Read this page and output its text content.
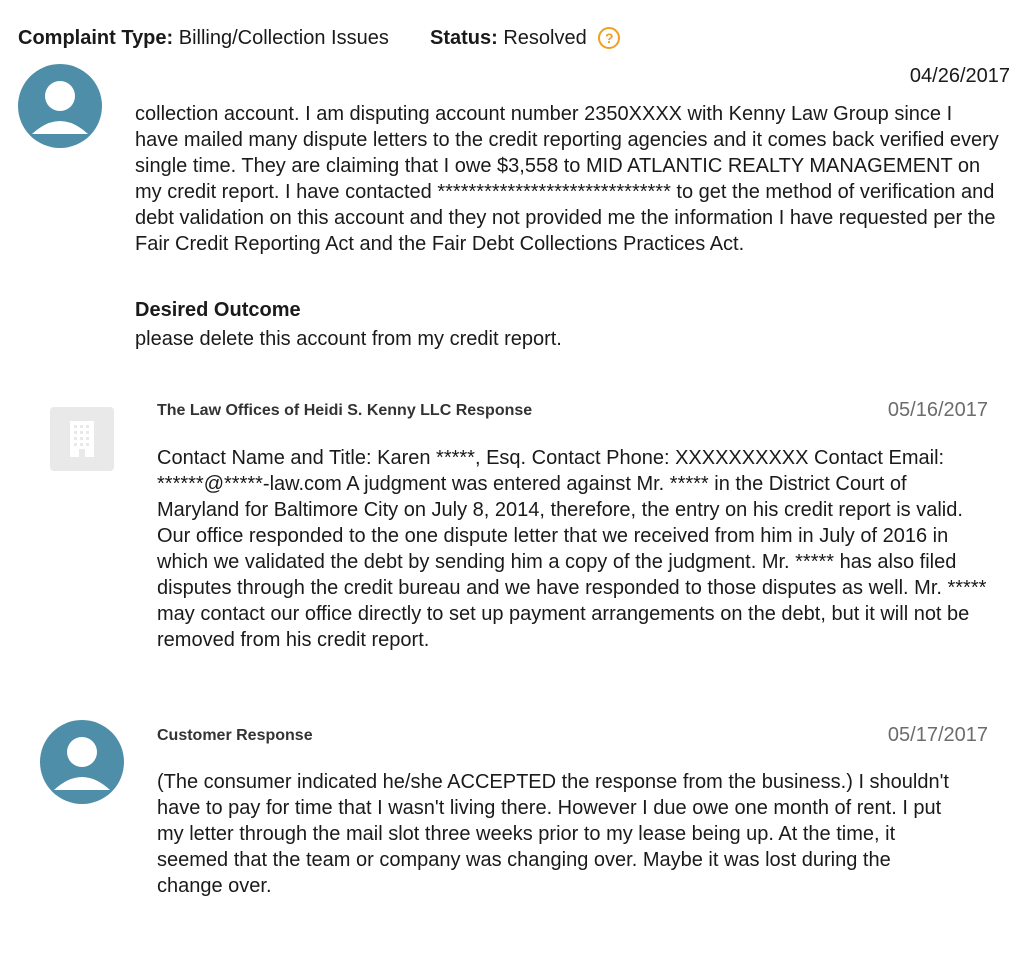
Complaint Type: Billing/Collection Issues Status: Resolved ?
04/26/2017
collection account. I am disputing account number 2350XXXX with Kenny Law Group since I have mailed many dispute letters to the credit reporting agencies and it comes back verified every single time. They are claiming that I owe $3,558 to MID ATLANTIC REALTY MANAGEMENT on my credit report. I have contacted ****************************** to get the method of verification and debt validation on this account and they not provided me the information I have requested per the Fair Credit Reporting Act and the Fair Debt Collections Practices Act.
Desired Outcome
please delete this account from my credit report.
The Law Offices of Heidi S. Kenny LLC Response	05/16/2017
Contact Name and Title: Karen *****, Esq. Contact Phone: XXXXXXXXXX Contact Email: ******@*****-law.com A judgment was entered against Mr. ***** in the District Court of Maryland for Baltimore City on July 8, 2014, therefore, the entry on his credit report is valid. Our office responded to the one dispute letter that we received from him in July of 2016 in which we validated the debt by sending him a copy of the judgment. Mr. ***** has also filed disputes through the credit bureau and we have responded to those disputes as well. Mr. ***** may contact our office directly to set up payment arrangements on the debt, but it will not be removed from his credit report.
Customer Response	05/17/2017
(The consumer indicated he/she ACCEPTED the response from the business.) I shouldn't have to pay for time that I wasn't living there. However I due owe one month of rent. I put my letter through the mail slot three weeks prior to my lease being up. At the time, it seemed that the team or company was changing over. Maybe it was lost during the change over.
